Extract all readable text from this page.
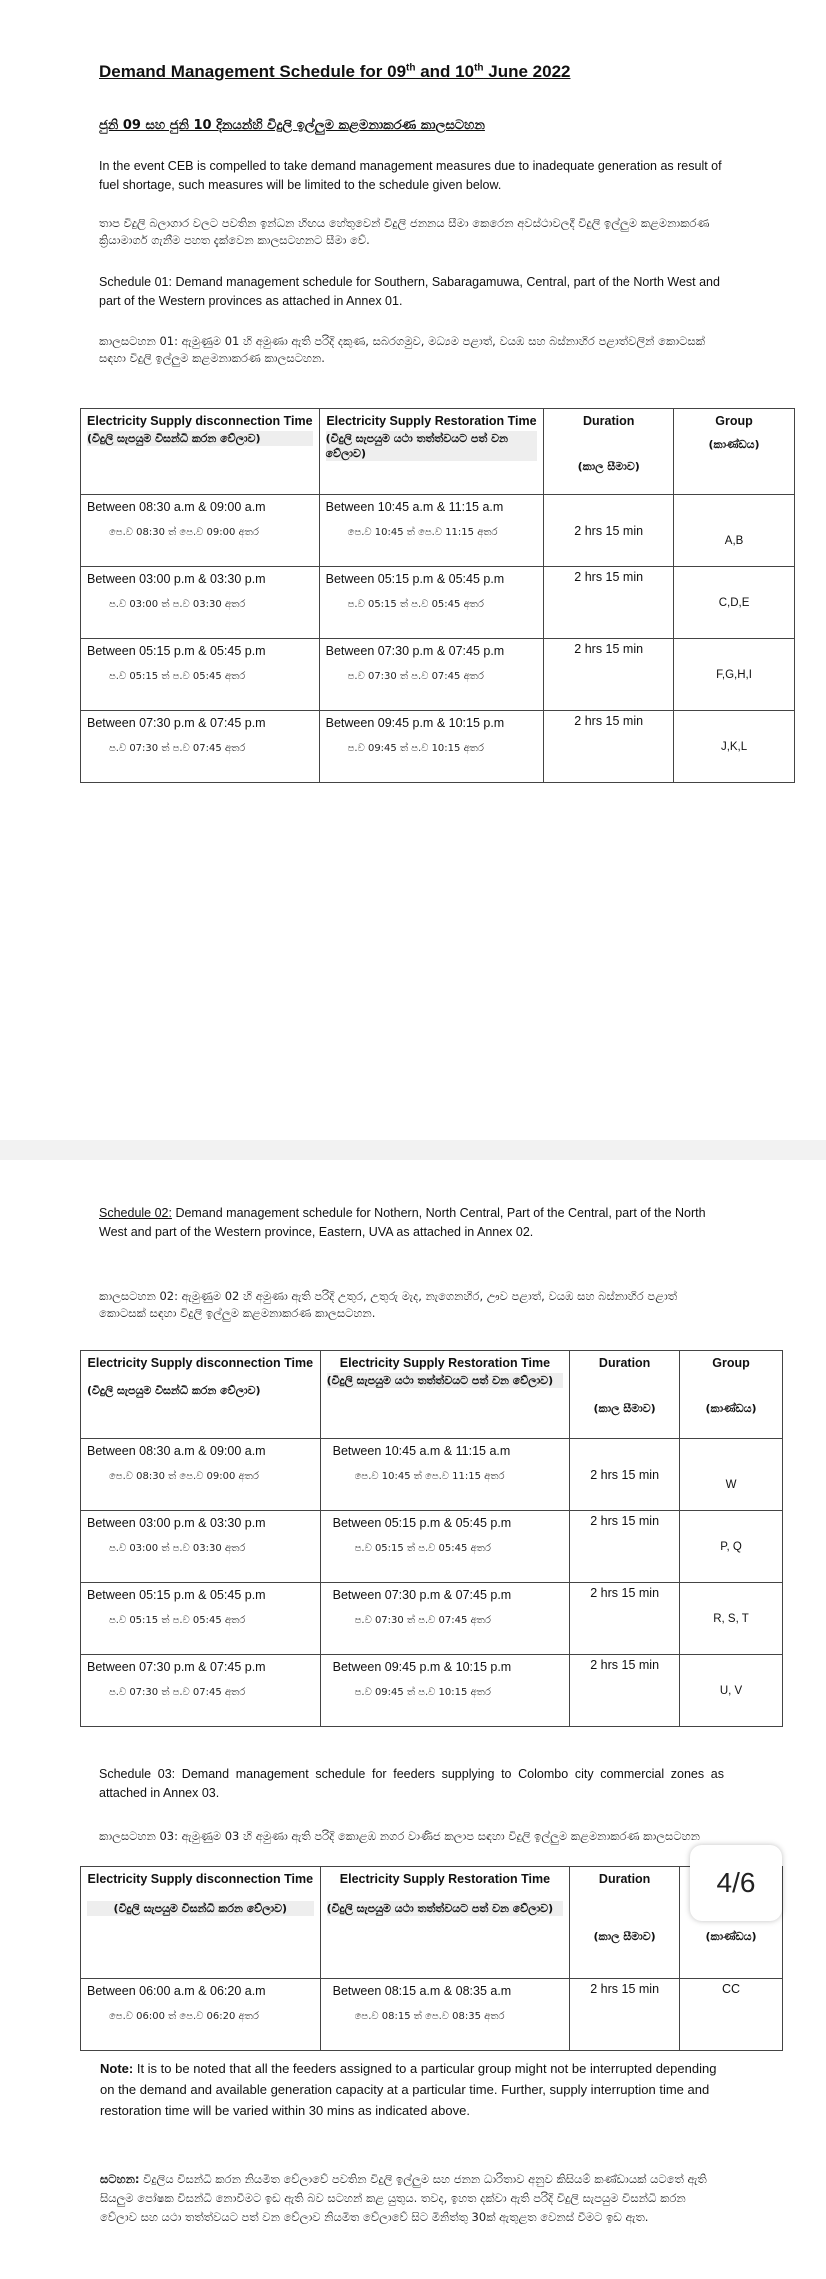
Demand Management Schedule for 09th and 10th June 2022
ජුනි 09 සහ ජුනි 10 දිනයන්හි විදුලි ඉල්ලුම කළමනාකරණ කාලසටහන
In the event CEB is compelled to take demand management measures due to inadequate generation as result of fuel shortage, such measures will be limited to the schedule given below.
තාප විදුලි බලාගාර වලට පවතින ඉන්ධන හිඟය හේතුවෙන් විදුලි ජනනය සීමා කෙරෙන අවස්ථාවලදී විදුලි ඉල්ලුම කළමනාකරණ ක්‍රියාමාර්ග ගැනීම පහත දැක්වෙන කාලසටහනට සීමා වේ.
Schedule 01: Demand management schedule for Southern, Sabaragamuwa, Central, part of the North West and part of the Western provinces as attached in Annex 01.
කාලසටහන 01: ඇමුණුම 01 හි අමුණා ඇති පරිදි දකුණ, සබරගමුව, මධ්‍යම පළාත්, වයඹ සහ බස්නාහිර පළාත්වලින් කොටසක් සඳහා විදුලි ඉල්ලුම කළමනාකරණ කාලසටහන.
Electricity Supply disconnection Time
(විදුලි සැපයුම විසන්ධි කරන වේලාව)	Electricity Supply Restoration Time
(විදුලි සැපයුම යථා තත්ත්වයට පත් වන වේලාව)	Duration
(කාල සීමාව)	Group
(කාණ්ඩය)

Between 08:30 a.m & 09:00 a.m
පෙ.ව 08:30 ත් පෙ.ව 09:00 අතර	Between 10:45 a.m & 11:15 a.m
පෙ.ව 10:45 ත් පෙ.ව 11:15 අතර	2 hrs 15 min	A,B

Between 03:00 p.m & 03:30 p.m
ප.ව 03:00 ත් ප.ව 03:30 අතර	Between 05:15 p.m & 05:45 p.m
ප.ව 05:15 ත් ප.ව 05:45 අතර	2 hrs 15 min	C,D,E

Between 05:15 p.m & 05:45 p.m
ප.ව 05:15 ත් ප.ව 05:45 අතර	Between 07:30 p.m & 07:45 p.m
ප.ව 07:30 ත් ප.ව 07:45 අතර	2 hrs 15 min	F,G,H,I

Between 07:30 p.m & 07:45 p.m
ප.ව 07:30 ත් ප.ව 07:45 අතර	Between 09:45 p.m & 10:15 p.m
ප.ව 09:45 ත් ප.ව 10:15 අතර	2 hrs 15 min	J,K,L
Schedule 02: Demand management schedule for Nothern, North Central, Part of the Central, part of the North West and part of the Western province, Eastern, UVA as attached in Annex 02.
කාලසටහන 02: ඇමුණුම 02 හි අමුණා ඇති පරිදි උතුර, උතුරු මැද, නැගෙනහිර, ඌව පළාත්, වයඹ සහ බස්නාහිර පළාත් කොටසක් සඳහා විදුලි ඉල්ලුම කළමනාකරණ කාලසටහන.
Electricity Supply disconnection Time
(විදුලි සැපයුම විසන්ධි කරන වේලාව)	Electricity Supply Restoration Time
(විදුලි සැපයුම යථා තත්ත්වයට පත් වන වේලාව)	Duration
(කාල සීමාව)	Group
(කාණ්ඩය)

Between 08:30 a.m & 09:00 a.m
පෙ.ව 08:30 ත් පෙ.ව 09:00 අතර	Between 10:45 a.m & 11:15 a.m
පෙ.ව 10:45 ත් පෙ.ව 11:15 අතර	2 hrs 15 min	W

Between 03:00 p.m & 03:30 p.m
ප.ව 03:00 ත් ප.ව 03:30 අතර	Between 05:15 p.m & 05:45 p.m
ප.ව 05:15 ත් ප.ව 05:45 අතර	2 hrs 15 min	P, Q

Between 05:15 p.m & 05:45 p.m
ප.ව 05:15 ත් ප.ව 05:45 අතර	Between 07:30 p.m & 07:45 p.m
ප.ව 07:30 ත් ප.ව 07:45 අතර	2 hrs 15 min	R, S, T

Between 07:30 p.m & 07:45 p.m
ප.ව 07:30 ත් ප.ව 07:45 අතර	Between 09:45 p.m & 10:15 p.m
ප.ව 09:45 ත් ප.ව 10:15 අතර	2 hrs 15 min	U, V
Schedule 03: Demand management schedule for feeders supplying to Colombo city commercial zones as attached in Annex 03.
කාලසටහන 03: ඇමුණුම 03 හි අමුණා ඇති පරිදි කොළඹ නගර වාණිජ කලාප සඳහා විදුලි ඉල්ලුම කළමනාකරණ කාලසටහන
Electricity Supply disconnection Time
(විදුලි සැපයුම විසන්ධි කරන වේලාව)	Electricity Supply Restoration Time
(විදුලි සැපයුම යථා තත්ත්වයට පත් වන වේලාව)	Duration
(කාල සීමාව)	(කාණ්ඩය)

Between 06:00 a.m & 06:20 a.m
පෙ.ව 06:00 ත් පෙ.ව 06:20 අතර	Between 08:15 a.m & 08:35 a.m
පෙ.ව 08:15 ත් පෙ.ව 08:35 අතර	2 hrs 15 min	CC
4/6
Note: It is to be noted that all the feeders assigned to a particular group might not be interrupted depending on the demand and available generation capacity at a particular time. Further, supply interruption time and restoration time will be varied within 30 mins as indicated above.
සටහන: විදුලිය විසන්ධි කරන නියමිත වේලාවේ පවතින විදුලි ඉල්ලුම සහ ජනන ධාරිතාව අනුව කිසියම් කණ්ඩායක් යටතේ ඇති සියලුම පෝෂක විසන්ධි නොවීමට ඉඩ ඇති බව සටහන් කළ යුතුය. තවද, ඉහත දක්වා ඇති පරිදි විදුලි සැපයුම විසන්ධි කරන වේලාව සහ යථා තත්ත්වයට පත් වන වේලාව නියමිත වේලාවේ සිට මිනිත්තු 30ක් ඇතුළත වෙනස් වීමට ඉඩ ඇත.
